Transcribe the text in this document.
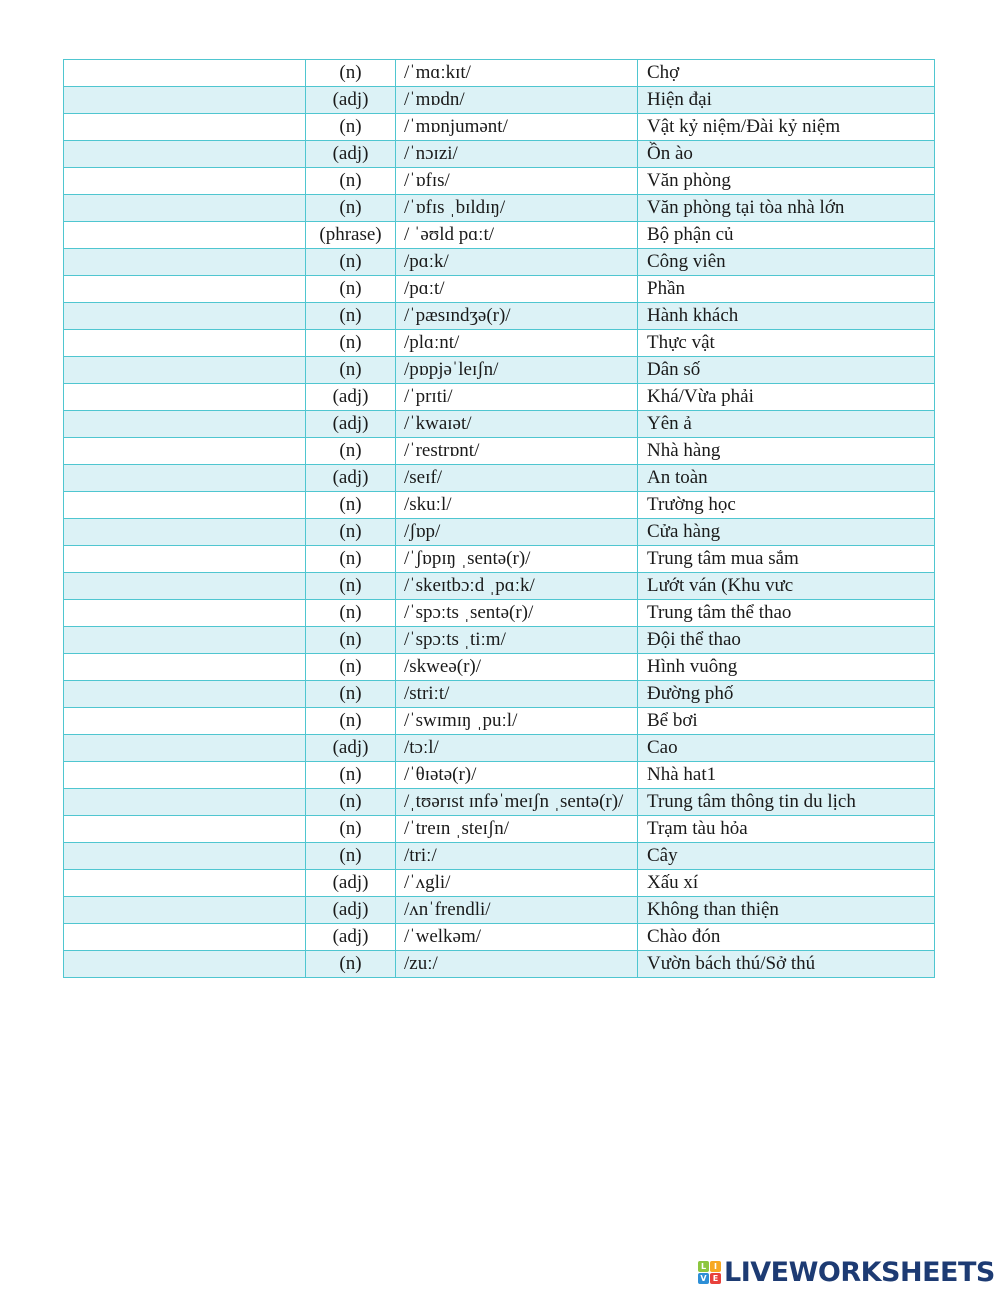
	(n)	/ˈmɑːkɪt/	Chợ
	(adj)	/ˈmɒdn/	Hiện đại
	(n)	/ˈmɒnjumənt/	Vật kỷ niệm/Đài kỷ niệm
	(adj)	/ˈnɔɪzi/	Ồn ào
	(n)	/ˈɒfɪs/	Văn phòng
	(n)	/ˈɒfɪs ˌbɪldɪŋ/	Văn phòng tại tòa nhà lớn
	(phrase)	/ ˈəʊld pɑːt/	Bộ phận củ
	(n)	/pɑːk/	Công viên
	(n)	/pɑːt/	Phần
	(n)	/ˈpæsɪndʒə(r)/	Hành khách
	(n)	/plɑːnt/	Thực vật
	(n)	/pɒpjəˈleɪʃn/	Dân số
	(adj)	/ˈprɪti/	Khá/Vừa phải
	(adj)	/ˈkwaɪət/	Yên ả
	(n)	/ˈrestrɒnt/	Nhà hàng
	(adj)	/seɪf/	An toàn
	(n)	/skuːl/	Trường học
	(n)	/ʃɒp/	Cửa hàng
	(n)	/ˈʃɒpɪŋ ˌsentə(r)/	Trung tâm mua sắm
	(n)	/ˈskeɪtbɔːd ˌpɑːk/	Lướt ván (Khu vưc
	(n)	/ˈspɔːts ˌsentə(r)/	Trung tâm thể thao
	(n)	/ˈspɔːts ˌtiːm/	Đội thể thao
	(n)	/skweə(r)/	Hình vuông
	(n)	/striːt/	Đường phố
	(n)	/ˈswɪmɪŋ ˌpuːl/	Bể bơi
	(adj)	/tɔːl/	Cao
	(n)	/ˈθɪətə(r)/	Nhà hat1
	(n)	/ˌtʊərɪst ɪnfəˈmeɪʃn ˌsentə(r)/	Trung tâm thông tin du lịch
	(n)	/ˈtreɪn ˌsteɪʃn/	Trạm tàu hỏa
	(n)	/triː/	Cây
	(adj)	/ˈʌgli/	Xấu xí
	(adj)	/ʌnˈfrendli/	Không than thiện
	(adj)	/ˈwelkəm/	Chào đón
	(n)	/zuː/	Vườn bách thú/Sở thú
L I
V E LIVEWORKSHEETS
